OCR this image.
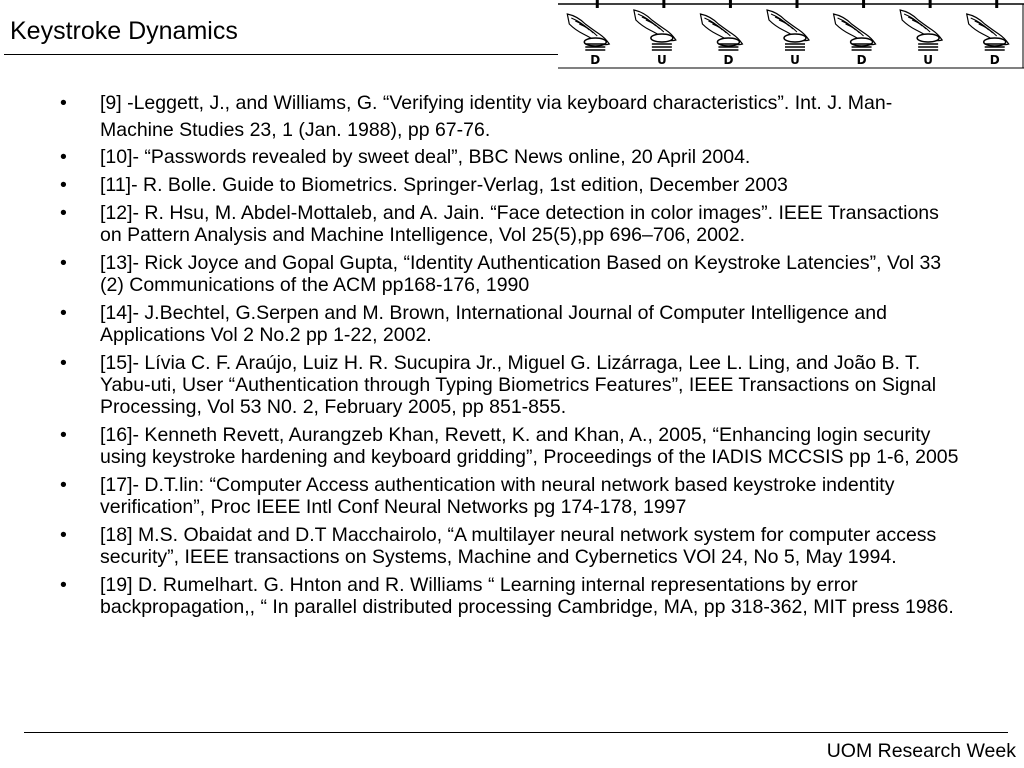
Keystroke Dynamics
D	U	D	U	D	U	D
• [9] -Leggett, J., and Williams, G. “Verifying identity via keyboard characteristics”. Int. J. Man-Machine Studies 23, 1 (Jan. 1988), pp 67-76.
• [10]- “Passwords revealed by sweet deal”, BBC News online, 20 April 2004.
• [11]- R. Bolle. Guide to Biometrics. Springer-Verlag, 1st edition, December 2003
• [12]- R. Hsu, M. Abdel-Mottaleb, and A. Jain. “Face detection in color images”. IEEE Transactions on Pattern Analysis and Machine Intelligence, Vol 25(5),pp 696–706, 2002.
• [13]- Rick Joyce and Gopal Gupta, “Identity Authentication Based on Keystroke Latencies”, Vol 33 (2) Communications of the ACM pp168-176, 1990
• [14]- J.Bechtel, G.Serpen and M. Brown, International Journal of Computer Intelligence and Applications Vol 2 No.2 pp 1-22, 2002.
• [15]- Lívia C. F. Araújo, Luiz H. R. Sucupira Jr., Miguel G. Lizárraga, Lee L. Ling, and João B. T. Yabu-uti, User “Authentication through Typing Biometrics Features”, IEEE Transactions on Signal Processing, Vol 53 N0. 2, February 2005, pp 851-855.
• [16]- Kenneth Revett, Aurangzeb Khan, Revett, K. and Khan, A., 2005, “Enhancing login security using keystroke hardening and keyboard gridding”, Proceedings of the IADIS MCCSIS pp 1-6, 2005
• [17]- D.T.lin: “Computer Access authentication with neural network based keystroke indentity verification”, Proc IEEE Intl Conf Neural Networks pg 174-178, 1997
• [18] M.S. Obaidat and D.T Macchairolo, “A multilayer neural network system for computer access security”, IEEE transactions on Systems, Machine and Cybernetics VOl 24, No 5, May 1994.
• [19] D. Rumelhart. G. Hnton and R. Williams “ Learning internal representations by error backpropagation,, “ In parallel distributed processing Cambridge, MA, pp 318-362, MIT press 1986.
UOM Research Week
